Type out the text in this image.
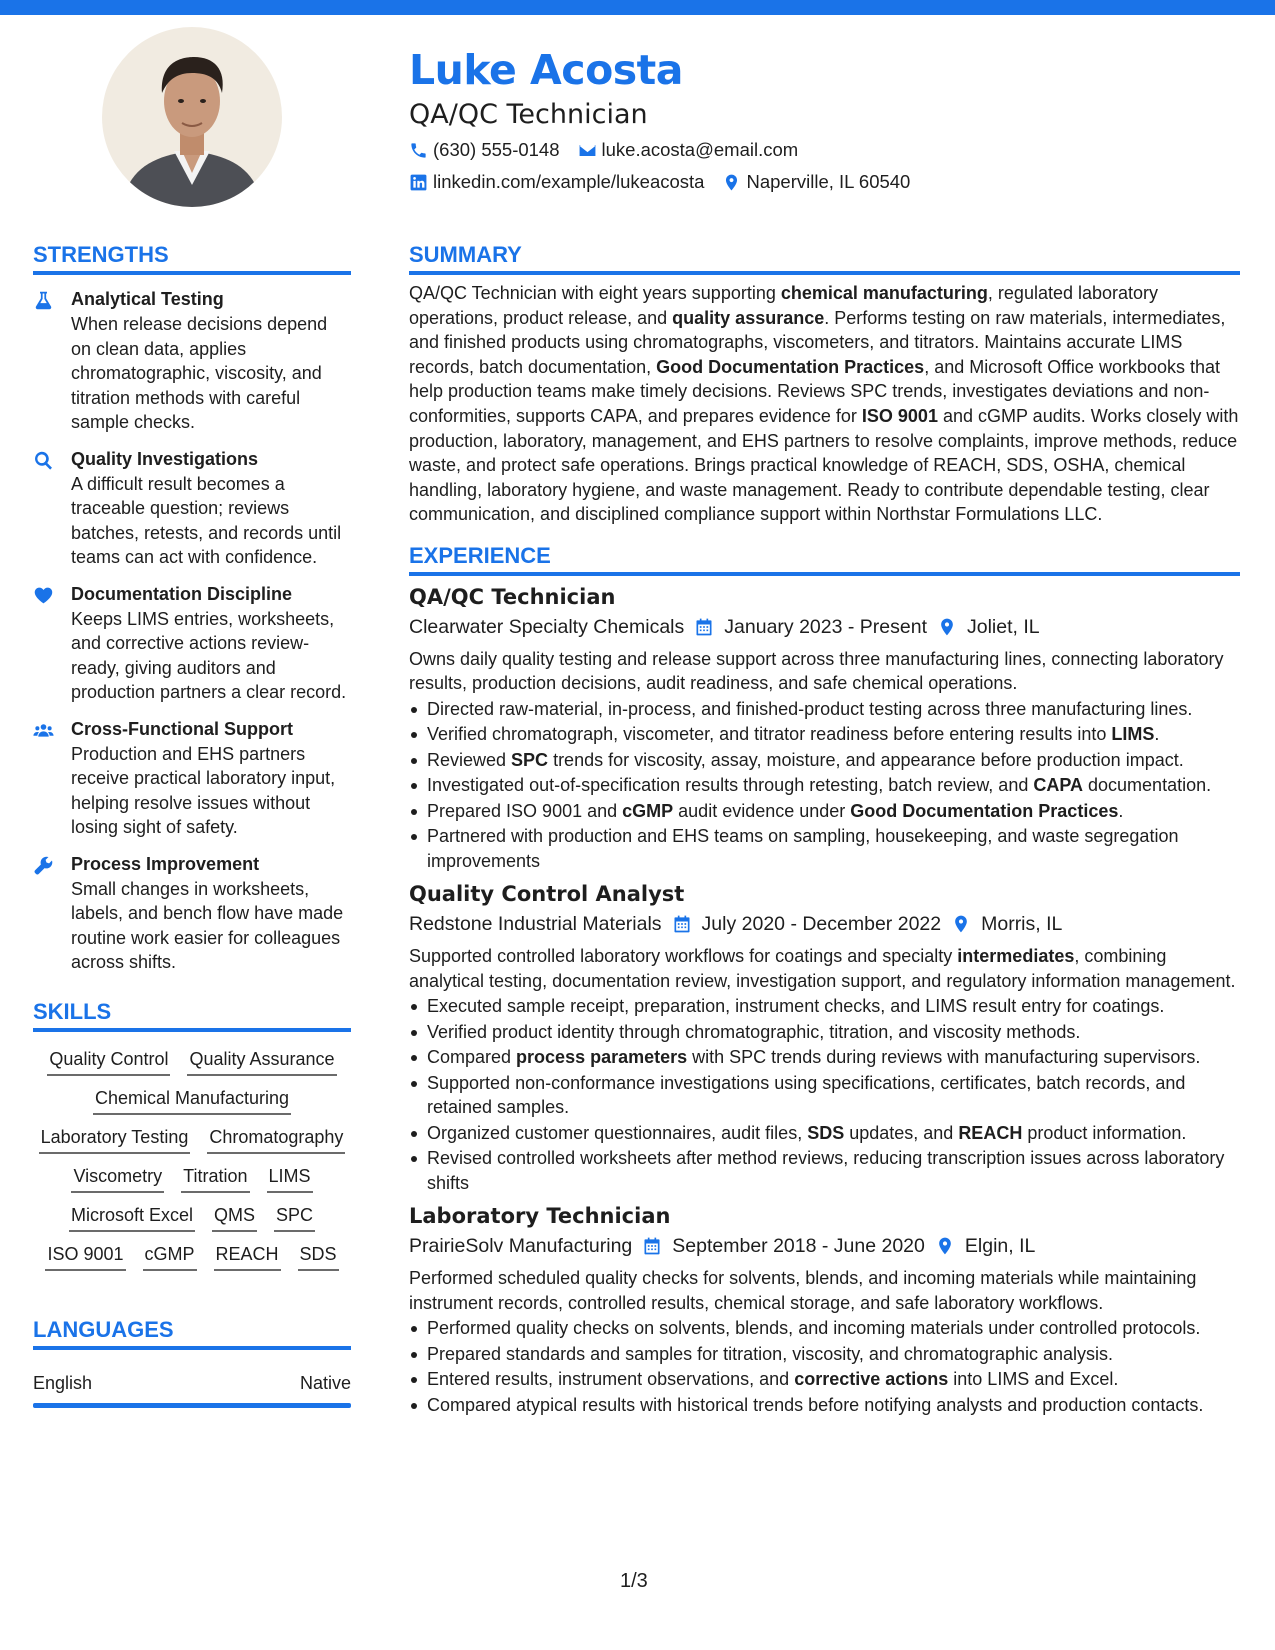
Luke Acosta
QA/QC Technician
(630) 555-0148 luke.acosta@email.com
linkedin.com/example/lukeacosta Naperville, IL 60540
STRENGTHS
Analytical Testing
When release decisions depend on clean data, applies chromatographic, viscosity, and titration methods with careful sample checks.
Quality Investigations
A difficult result becomes a traceable question; reviews batches, retests, and records until teams can act with confidence.
Documentation Discipline
Keeps LIMS entries, worksheets, and corrective actions review-ready, giving auditors and production partners a clear record.
Cross-Functional Support
Production and EHS partners receive practical laboratory input, helping resolve issues without losing sight of safety.
Process Improvement
Small changes in worksheets, labels, and bench flow have made routine work easier for colleagues across shifts.
SKILLS
Quality Control Quality Assurance
Chemical Manufacturing
Laboratory Testing Chromatography
Viscometry Titration LIMS
Microsoft Excel QMS SPC
ISO 9001 cGMP REACH SDS
LANGUAGES
English	Native
SUMMARY

QA/QC Technician with eight years supporting chemical manufacturing, regulated laboratory operations, product release, and quality assurance. Performs testing on raw materials, intermediates, and finished products using chromatographs, viscometers, and titrators. Maintains accurate LIMS records, batch documentation, Good Documentation Practices, and Microsoft Office workbooks that help production teams make timely decisions. Reviews SPC trends, investigates deviations and non-conformities, supports CAPA, and prepares evidence for ISO 9001 and cGMP audits. Works closely with production, laboratory, management, and EHS partners to resolve complaints, improve methods, reduce waste, and protect safe operations. Brings practical knowledge of REACH, SDS, OSHA, chemical handling, laboratory hygiene, and waste management. Ready to contribute dependable testing, clear communication, and disciplined compliance support within Northstar Formulations LLC.

EXPERIENCE
QA/QC Technician
Clearwater Specialty Chemicals January 2023 - Present Joliet, IL

Owns daily quality testing and release support across three manufacturing lines, connecting laboratory results, production decisions, audit readiness, and safe chemical operations.

Directed raw-material, in-process, and finished-product testing across three manufacturing lines.
Verified chromatograph, viscometer, and titrator readiness before entering results into LIMS.
Reviewed SPC trends for viscosity, assay, moisture, and appearance before production impact.
Investigated out-of-specification results through retesting, batch review, and CAPA documentation.
Prepared ISO 9001 and cGMP audit evidence under Good Documentation Practices.
Partnered with production and EHS teams on sampling, housekeeping, and waste segregation improvements
Quality Control Analyst
Redstone Industrial Materials July 2020 - December 2022 Morris, IL

Supported controlled laboratory workflows for coatings and specialty intermediates, combining analytical testing, documentation review, investigation support, and regulatory information management.

Executed sample receipt, preparation, instrument checks, and LIMS result entry for coatings.
Verified product identity through chromatographic, titration, and viscosity methods.
Compared process parameters with SPC trends during reviews with manufacturing supervisors.
Supported non-conformance investigations using specifications, certificates, batch records, and retained samples.
Organized customer questionnaires, audit files, SDS updates, and REACH product information.
Revised controlled worksheets after method reviews, reducing transcription issues across laboratory shifts
Laboratory Technician
PrairieSolv Manufacturing September 2018 - June 2020 Elgin, IL

Performed scheduled quality checks for solvents, blends, and incoming materials while maintaining instrument records, controlled results, chemical storage, and safe laboratory workflows.

Performed quality checks on solvents, blends, and incoming materials under controlled protocols.
Prepared standards and samples for titration, viscosity, and chromatographic analysis.
Entered results, instrument observations, and corrective actions into LIMS and Excel.
Compared atypical results with historical trends before notifying analysts and production contacts.
1/3
